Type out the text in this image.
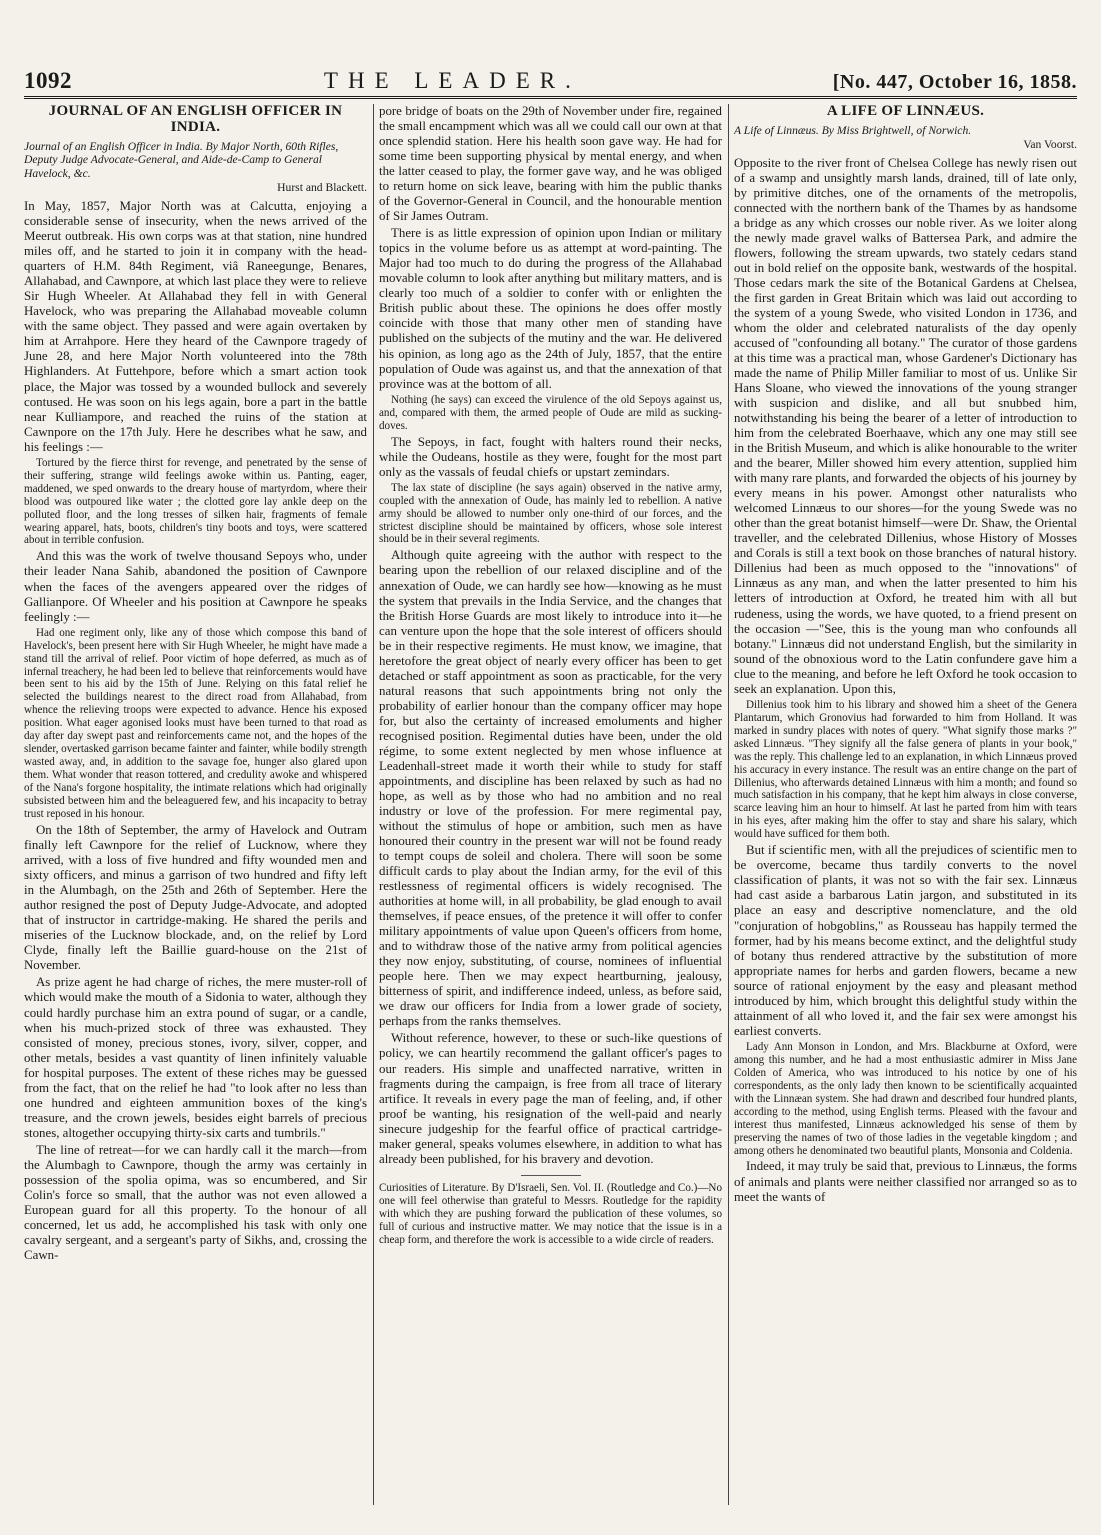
1092	THE LEADER.	[No. 447, October 16, 1858.
JOURNAL OF AN ENGLISH OFFICER IN INDIA.
Journal of an English Officer in India. By Major North, 60th Rifles, Deputy Judge Advocate-General, and Aide-de-Camp to General Havelock, &c.
Hurst and Blackett.

In May, 1857, Major North was at Calcutta, enjoying a considerable sense of insecurity, when the news arrived of the Meerut outbreak. His own corps was at that station, nine hundred miles off, and he started to join it in company with the head-quarters of H.M. 84th Regiment, viâ Raneegunge, Benares, Allahabad, and Cawnpore, at which last place they were to relieve Sir Hugh Wheeler. At Allahabad they fell in with General Havelock, who was preparing the Allahabad moveable column with the same object. They passed and were again overtaken by him at Arrahpore. Here they heard of the Cawnpore tragedy of June 28, and here Major North volunteered into the 78th Highlanders. At Futtehpore, before which a smart action took place, the Major was tossed by a wounded bullock and severely contused. He was soon on his legs again, bore a part in the battle near Kulliampore, and reached the ruins of the station at Cawnpore on the 17th July. Here he describes what he saw, and his feelings :—

Tortured by the fierce thirst for revenge, and penetrated by the sense of their suffering, strange wild feelings awoke within us. Panting, eager, maddened, we sped onwards to the dreary house of martyrdom, where their blood was outpoured like water ; the clotted gore lay ankle deep on the polluted floor, and the long tresses of silken hair, fragments of female wearing apparel, hats, boots, children's tiny boots and toys, were scattered about in terrible confusion.

And this was the work of twelve thousand Sepoys who, under their leader Nana Sahib, abandoned the position of Cawnpore when the faces of the avengers appeared over the ridges of Gallianpore. Of Wheeler and his position at Cawnpore he speaks feelingly :—

Had one regiment only, like any of those which compose this band of Havelock's, been present here with Sir Hugh Wheeler, he might have made a stand till the arrival of relief. Poor victim of hope deferred, as much as of infernal treachery, he had been led to believe that reinforcements would have been sent to his aid by the 15th of June. Relying on this fatal relief he selected the buildings nearest to the direct road from Allahabad, from whence the relieving troops were expected to advance. Hence his exposed position. What eager agonised looks must have been turned to that road as day after day swept past and reinforcements came not, and the hopes of the slender, overtasked garrison became fainter and fainter, while bodily strength wasted away, and, in addition to the savage foe, hunger also glared upon them. What wonder that reason tottered, and credulity awoke and whispered of the Nana's forgone hospitality, the intimate relations which had originally subsisted between him and the beleaguered few, and his incapacity to betray trust reposed in his honour.

On the 18th of September, the army of Havelock and Outram finally left Cawnpore for the relief of Lucknow, where they arrived, with a loss of five hundred and fifty wounded men and sixty officers, and minus a garrison of two hundred and fifty left in the Alumbagh, on the 25th and 26th of September. Here the author resigned the post of Deputy Judge-Advocate, and adopted that of instructor in cartridge-making. He shared the perils and miseries of the Lucknow blockade, and, on the relief by Lord Clyde, finally left the Baillie guard-house on the 21st of November.

As prize agent he had charge of riches, the mere muster-roll of which would make the mouth of a Sidonia to water, although they could hardly purchase him an extra pound of sugar, or a candle, when his much-prized stock of three was exhausted. They consisted of money, precious stones, ivory, silver, copper, and other metals, besides a vast quantity of linen infinitely valuable for hospital purposes. The extent of these riches may be guessed from the fact, that on the relief he had "to look after no less than one hundred and eighteen ammunition boxes of the king's treasure, and the crown jewels, besides eight barrels of precious stones, altogether occupying thirty-six carts and tumbrils."

The line of retreat—for we can hardly call it the march—from the Alumbagh to Cawnpore, though the army was certainly in possession of the spolia opima, was so encumbered, and Sir Colin's force so small, that the author was not even allowed a European guard for all this property. To the honour of all concerned, let us add, he accomplished his task with only one cavalry sergeant, and a sergeant's party of Sikhs, and, crossing the Cawn-

pore bridge of boats on the 29th of November under fire, regained the small encampment which was all we could call our own at that once splendid station. Here his health soon gave way. He had for some time been supporting physical by mental energy, and when the latter ceased to play, the former gave way, and he was obliged to return home on sick leave, bearing with him the public thanks of the Governor-General in Council, and the honourable mention of Sir James Outram.

There is as little expression of opinion upon Indian or military topics in the volume before us as attempt at word-painting. The Major had too much to do during the progress of the Allahabad movable column to look after anything but military matters, and is clearly too much of a soldier to confer with or enlighten the British public about these. The opinions he does offer mostly coincide with those that many other men of standing have published on the subjects of the mutiny and the war. He delivered his opinion, as long ago as the 24th of July, 1857, that the entire population of Oude was against us, and that the annexation of that province was at the bottom of all.

Nothing (he says) can exceed the virulence of the old Sepoys against us, and, compared with them, the armed people of Oude are mild as sucking-doves.

The Sepoys, in fact, fought with halters round their necks, while the Oudeans, hostile as they were, fought for the most part only as the vassals of feudal chiefs or upstart zemindars.

The lax state of discipline (he says again) observed in the native army, coupled with the annexation of Oude, has mainly led to rebellion. A native army should be allowed to number only one-third of our forces, and the strictest discipline should be maintained by officers, whose sole interest should be in their several regiments.

Although quite agreeing with the author with respect to the bearing upon the rebellion of our relaxed discipline and of the annexation of Oude, we can hardly see how—knowing as he must the system that prevails in the India Service, and the changes that the British Horse Guards are most likely to introduce into it—he can venture upon the hope that the sole interest of officers should be in their respective regiments. He must know, we imagine, that heretofore the great object of nearly every officer has been to get detached or staff appointment as soon as practicable, for the very natural reasons that such appointments bring not only the probability of earlier honour than the company officer may hope for, but also the certainty of increased emoluments and higher recognised position. Regimental duties have been, under the old régime, to some extent neglected by men whose influence at Leadenhall-street made it worth their while to study for staff appointments, and discipline has been relaxed by such as had no hope, as well as by those who had no ambition and no real industry or love of the profession. For mere regimental pay, without the stimulus of hope or ambition, such men as have honoured their country in the present war will not be found ready to tempt coups de soleil and cholera. There will soon be some difficult cards to play about the Indian army, for the evil of this restlessness of regimental officers is widely recognised. The authorities at home will, in all probability, be glad enough to avail themselves, if peace ensues, of the pretence it will offer to confer military appointments of value upon Queen's officers from home, and to withdraw those of the native army from political agencies they now enjoy, substituting, of course, nominees of influential people here. Then we may expect heartburning, jealousy, bitterness of spirit, and indifference indeed, unless, as before said, we draw our officers for India from a lower grade of society, perhaps from the ranks themselves.

Without reference, however, to these or such-like questions of policy, we can heartily recommend the gallant officer's pages to our readers. His simple and unaffected narrative, written in fragments during the campaign, is free from all trace of literary artifice. It reveals in every page the man of feeling, and, if other proof be wanting, his resignation of the well-paid and nearly sinecure judgeship for the fearful office of practical cartridge-maker general, speaks volumes elsewhere, in addition to what has already been published, for his bravery and devotion.

Curiosities of Literature. By D'Israeli, Sen. Vol. II. (Routledge and Co.)—No one will feel otherwise than grateful to Messrs. Routledge for the rapidity with which they are pushing forward the publication of these volumes, so full of curious and instructive matter. We may notice that the issue is in a cheap form, and therefore the work is accessible to a wide circle of readers.
A LIFE OF LINNÆUS.
A Life of Linnæus. By Miss Brightwell, of Norwich.
Van Voorst.

Opposite to the river front of Chelsea College has newly risen out of a swamp and unsightly marsh lands, drained, till of late only, by primitive ditches, one of the ornaments of the metropolis, connected with the northern bank of the Thames by as handsome a bridge as any which crosses our noble river. As we loiter along the newly made gravel walks of Battersea Park, and admire the flowers, following the stream upwards, two stately cedars stand out in bold relief on the opposite bank, westwards of the hospital. Those cedars mark the site of the Botanical Gardens at Chelsea, the first garden in Great Britain which was laid out according to the system of a young Swede, who visited London in 1736, and whom the older and celebrated naturalists of the day openly accused of "confounding all botany." The curator of those gardens at this time was a practical man, whose Gardener's Dictionary has made the name of Philip Miller familiar to most of us. Unlike Sir Hans Sloane, who viewed the innovations of the young stranger with suspicion and dislike, and all but snubbed him, notwithstanding his being the bearer of a letter of introduction to him from the celebrated Boerhaave, which any one may still see in the British Museum, and which is alike honourable to the writer and the bearer, Miller showed him every attention, supplied him with many rare plants, and forwarded the objects of his journey by every means in his power. Amongst other naturalists who welcomed Linnæus to our shores—for the young Swede was no other than the great botanist himself—were Dr. Shaw, the Oriental traveller, and the celebrated Dillenius, whose History of Mosses and Corals is still a text book on those branches of natural history. Dillenius had been as much opposed to the "innovations" of Linnæus as any man, and when the latter presented to him his letters of introduction at Oxford, he treated him with all but rudeness, using the words, we have quoted, to a friend present on the occasion —"See, this is the young man who confounds all botany." Linnæus did not understand English, but the similarity in sound of the obnoxious word to the Latin confundere gave him a clue to the meaning, and before he left Oxford he took occasion to seek an explanation. Upon this,

Dillenius took him to his library and showed him a sheet of the Genera Plantarum, which Gronovius had forwarded to him from Holland. It was marked in sundry places with notes of query. "What signify those marks ?" asked Linnæus. "They signify all the false genera of plants in your book," was the reply. This challenge led to an explanation, in which Linnæus proved his accuracy in every instance. The result was an entire change on the part of Dillenius, who afterwards detained Linnæus with him a month; and found so much satisfaction in his company, that he kept him always in close converse, scarce leaving him an hour to himself. At last he parted from him with tears in his eyes, after making him the offer to stay and share his salary, which would have sufficed for them both.

But if scientific men, with all the prejudices of scientific men to be overcome, became thus tardily converts to the novel classification of plants, it was not so with the fair sex. Linnæus had cast aside a barbarous Latin jargon, and substituted in its place an easy and descriptive nomenclature, and the old "conjuration of hobgoblins," as Rousseau has happily termed the former, had by his means become extinct, and the delightful study of botany thus rendered attractive by the substitution of more appropriate names for herbs and garden flowers, became a new source of rational enjoyment by the easy and pleasant method introduced by him, which brought this delightful study within the attainment of all who loved it, and the fair sex were amongst his earliest converts.

Lady Ann Monson in London, and Mrs. Blackburne at Oxford, were among this number, and he had a most enthusiastic admirer in Miss Jane Colden of America, who was introduced to his notice by one of his correspondents, as the only lady then known to be scientifically acquainted with the Linnæan system. She had drawn and described four hundred plants, according to the method, using English terms. Pleased with the favour and interest thus manifested, Linnæus acknowledged his sense of them by preserving the names of two of those ladies in the vegetable kingdom ; and among others he denominated two beautiful plants, Monsonia and Coldenia.

Indeed, it may truly be said that, previous to Linnæus, the forms of animals and plants were neither classified nor arranged so as to meet the wants of
